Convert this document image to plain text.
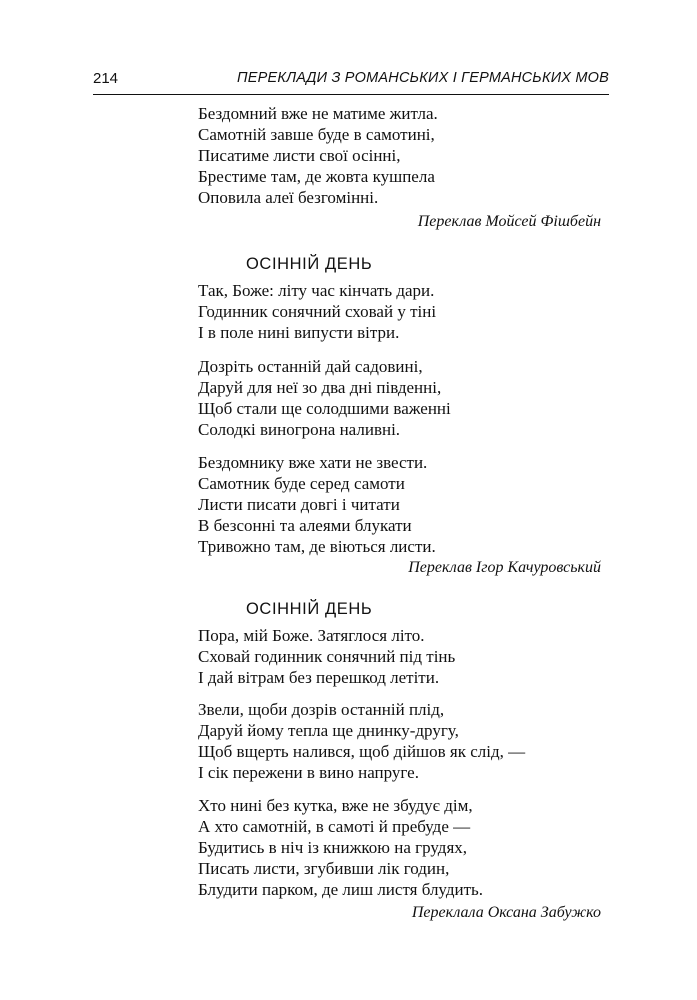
214	ПЕРЕКЛАДИ З РОМАНСЬКИХ І ГЕРМАНСЬКИХ МОВ
Бездомний вже не матиме житла.
Самотній завше буде в самотині,
Писатиме листи свої осінні,
Брестиме там, де жовта кушпела
Оповила алеї безгомінні.
Переклав Мойсей Фішбейн
ОСІННІЙ ДЕНЬ
Так, Боже: літу час кінчать дари.
Годинник сонячний сховай у тіні
І в поле нині випусти вітри.
Дозріть останній дай садовині,
Даруй для неї зо два дні південні,
Щоб стали ще солодшими важенні
Солодкі виногрона наливні.
Бездомнику вже хати не звести.
Самотник буде серед самоти
Листи писати довгі і читати
В безсонні та алеями блукати
Тривожно там, де віються листи.
Переклав Ігор Качуровський
ОСІННІЙ ДЕНЬ
Пора, мій Боже. Затяглося літо.
Сховай годинник сонячний під тінь
І дай вітрам без перешкод летіти.
Звели, щоби дозрів останній плід,
Даруй йому тепла ще днинку-другу,
Щоб вщерть налився, щоб дійшов як слід, —
І сік пережени в вино напруге.
Хто нині без кутка, вже не збудує дім,
А хто самотній, в самоті й пребуде —
Будитись в ніч із книжкою на грудях,
Писать листи, згубивши лік годин,
Блудити парком, де лиш листя блудить.
Переклала Оксана Забужко
